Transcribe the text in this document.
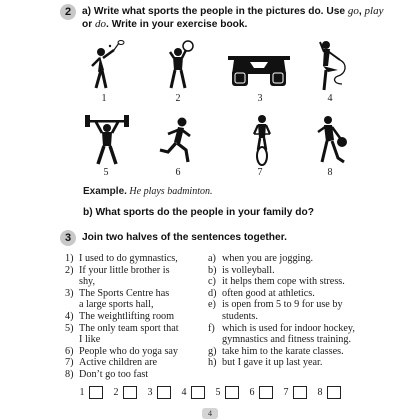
2	a) Write what sports the people in the pictures do. Use go, play
or do. Write in your exercise book.
1	2	3	4
5	6	7	8
Example. He plays badminton.
b) What sports do the people in your family do?
3	Join two halves of the sentences together.
1) I used to do gymnastics,
2) If your little brother is
shy,
3) The Sports Centre has
a large sports hall,
4) The weightlifting room
5) The only team sport that
I like
6) People who do yoga say
7) Active children are
8) Don’t go too fast
a) when you are jogging.
b) is volleyball.
c) it helps them cope with stress.
d) often good at athletics.
e) is open from 5 to 9 for use by
students.
f) which is used for indoor hockey,
gymnastics and fitness training.
g) take him to the karate classes.
h) but I gave it up last year.
1	2	3	4	5	6	7	8
4
